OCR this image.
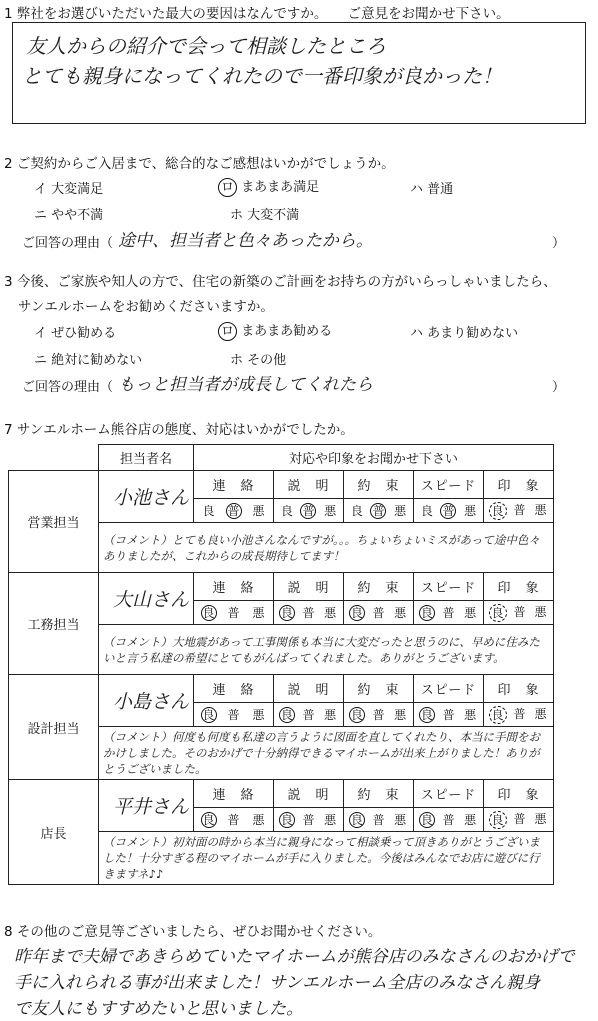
1 弊社をお選びいただいた最大の要因はなんですか。　　ご意見をお聞かせ下さい。
友人からの紹介で会って相談したところ
とても親身になってくれたので一番印象が良かった！
2 ご契約からご入居まで、総合的なご感想はいかがでしょうか。
イ 大変満足	ロ まあまあ満足	ハ 普通
ニ やや不満	ホ 大変不満
ご回答の理由（ 途中、担当者と色々あったから。	）
3 今後、ご家族や知人の方で、住宅の新築のご計画をお持ちの方がいらっしゃいましたら、
サンエルホームをお勧めくださいますか。
イ ぜひ勧める	ロ まあまあ勧める	ハ あまり勧めない
ニ 絶対に勧めない	ホ その他
ご回答の理由（ もっと担当者が成長してくれたら	）
7 サンエルホーム熊谷店の態度、対応はいかがでしたか。
	担当者名	対応や印象をお聞かせ下さい				
営業担当	小池さん	連　絡	説　明	約　束	スピード	印　象

		良 普 悪	良 普 悪	良 普 悪	良 普 悪	良 普 悪

	（コメント）とても良い小池さんなんですが。。。ちょいちょいミスがあって途中色々ありましたが、これからの成長期待してます！					
工務担当	大山さん	連　絡	説　明	約　束	スピード	印　象

		良 普 悪	良 普 悪	良 普 悪	良 普 悪	良 普 悪

	（コメント）大地震があって工事関係も本当に大変だったと思うのに、早めに住みたいと言う私達の希望にとてもがんばってくれました。ありがとうございます。					
設計担当	小島さん	連　絡	説　明	約　束	スピード	印　象

		良 普 悪	良 普 悪	良 普 悪	良 普 悪	良 普 悪

	（コメント）何度も何度も私達の言うように図面を直してくれたり、本当に手間をおかけしました。そのおかげで十分納得できるマイホームが出来上がりました！ありがとうございました。					
店長	平井さん	連　絡	説　明	約　束	スピード	印　象

		良 普 悪	良 普 悪	良 普 悪	良 普 悪	良 普 悪

	（コメント）初対面の時から本当に親身になって相談乗って頂きありがとうございました！十分すぎる程のマイホームが手に入りました。今後はみんなでお店に遊びに行きますネ♪♪					
8 その他のご意見等ございましたら、ぜひお聞かせください。
昨年まで夫婦であきらめていたマイホームが熊谷店のみなさんのおかげで
手に入れられる事が出来ました！サンエルホーム全店のみなさん親身
で友人にもすすめたいと思いました。
